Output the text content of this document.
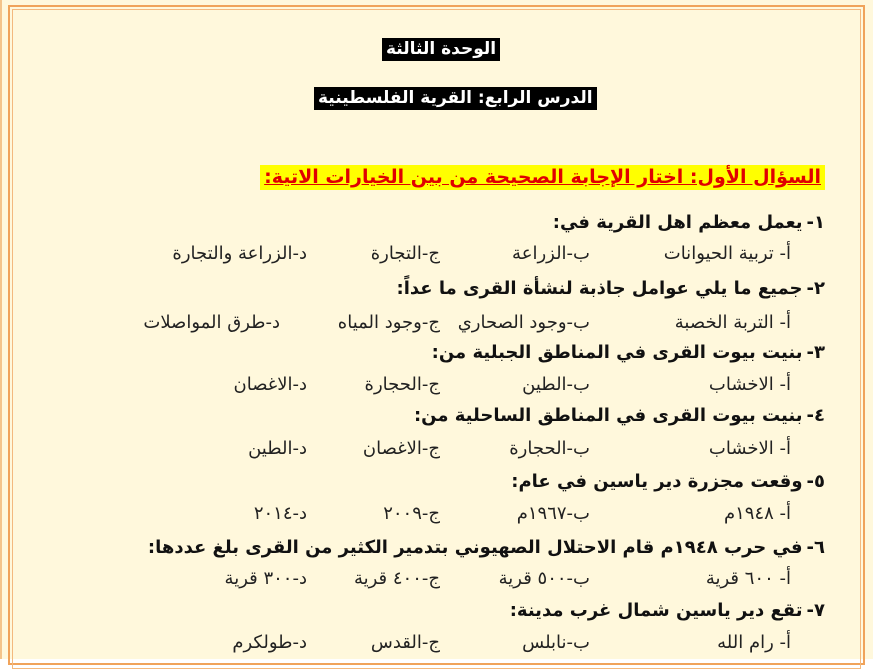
الوحدة الثالثة
الدرس الرابع: القرية الفلسطينية
السؤال الأول: اختار الإجابة الصحيحة من بين الخيارات الاتية:
١-يعمل معظم اهل القرية في:
أ- تربية الحيوانات
ب-الزراعة
ج-التجارة
د-الزراعة والتجارة
٢-جميع ما يلي عوامل جاذبة لنشأة القرى ما عداً:
أ- التربة الخصبة
ب-وجود الصحاري
ج-وجود المياه
د-طرق المواصلات
٣-بنيت بيوت القرى في المناطق الجبلية من:
أ- الاخشاب
ب-الطين
ج-الحجارة
د-الاغصان
٤-بنيت بيوت القرى في المناطق الساحلية من:
أ- الاخشاب
ب-الحجارة
ج-الاغصان
د-الطين
٥-وقعت مجزرة دير ياسين في عام:
أ- ١٩٤٨م
ب-١٩٦٧م
ج-٢٠٠٩
د-٢٠١٤
٦-في حرب ١٩٤٨م قام الاحتلال الصهيوني بتدمير الكثير من القرى بلغ عددها:
أ- ٦٠٠ قرية
ب-٥٠٠ قرية
ج-٤٠٠ قرية
د-٣٠٠ قرية
٧-تقع دير ياسين شمال غرب مدينة:
أ- رام الله
ب-نابلس
ج-القدس
د-طولكرم
